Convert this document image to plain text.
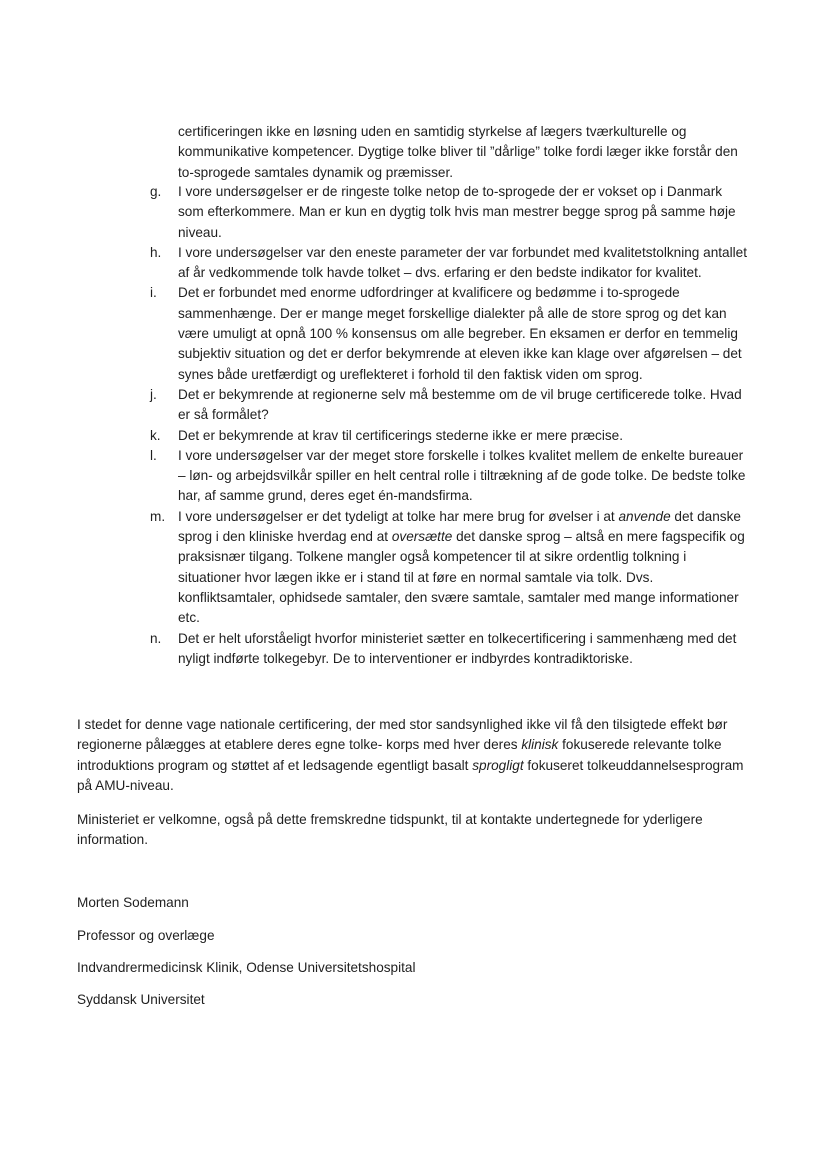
certificeringen ikke en løsning uden en samtidig styrkelse af lægers tværkulturelle og kommunikative kompetencer. Dygtige tolke bliver til ”dårlige” tolke fordi læger ikke forstår den to-sprogede samtales dynamik og præmisser.
g.	I vore undersøgelser er de ringeste tolke netop de to-sprogede der er vokset op i Danmark som efterkommere. Man er kun en dygtig tolk hvis man mestrer begge sprog på samme høje niveau.
h.	I vore undersøgelser var den eneste parameter der var forbundet med kvalitetstolkning antallet af år vedkommende tolk havde tolket – dvs. erfaring er den bedste indikator for kvalitet.
i.	Det er forbundet med enorme udfordringer at kvalificere og bedømme i to-sprogede sammenhænge. Der er mange meget forskellige dialekter på alle de store sprog og det kan være umuligt at opnå 100 % konsensus om alle begreber. En eksamen er derfor en temmelig subjektiv situation og det er derfor bekymrende at eleven ikke kan klage over afgørelsen – det synes både uretfærdigt og ureflekteret i forhold til den faktisk viden om sprog.
j.	Det er bekymrende at regionerne selv må bestemme om de vil bruge certificerede tolke. Hvad er så formålet?
k.	Det er bekymrende at krav til certificerings stederne ikke er mere præcise.
l.	I vore undersøgelser var der meget store forskelle i tolkes kvalitet mellem de enkelte bureauer – løn- og arbejdsvilkår spiller en helt central rolle i tiltrækning af de gode tolke. De bedste tolke har, af samme grund, deres eget én-mandsfirma.
m. I vore undersøgelser er det tydeligt at tolke har mere brug for øvelser i at anvende det danske sprog i den kliniske hverdag end at oversætte det danske sprog – altså en mere fagspecifik og praksisnær tilgang. Tolkene mangler også kompetencer til at sikre ordentlig tolkning i situationer hvor lægen ikke er i stand til at føre en normal samtale via tolk. Dvs. konfliktsamtaler, ophidsede samtaler, den svære samtale, samtaler med mange informationer etc.
n.	Det er helt uforståeligt hvorfor ministeriet sætter en tolkecertificering i sammenhæng med det nyligt indførte tolkegebyr. De to interventioner er indbyrdes kontradiktoriske.

I stedet for denne vage nationale certificering, der med stor sandsynlighed ikke vil få den tilsigtede effekt bør regionerne pålægges at etablere deres egne tolke- korps med hver deres klinisk fokuserede relevante tolke introduktions program og støttet af et ledsagende egentligt basalt sprogligt fokuseret tolkeuddannelsesprogram på AMU-niveau.

Ministeriet er velkomne, også på dette fremskredne tidspunkt, til at kontakte undertegnede for yderligere information.

Morten Sodemann

Professor og overlæge

Indvandrermedicinsk Klinik, Odense Universitetshospital

Syddansk Universitet
